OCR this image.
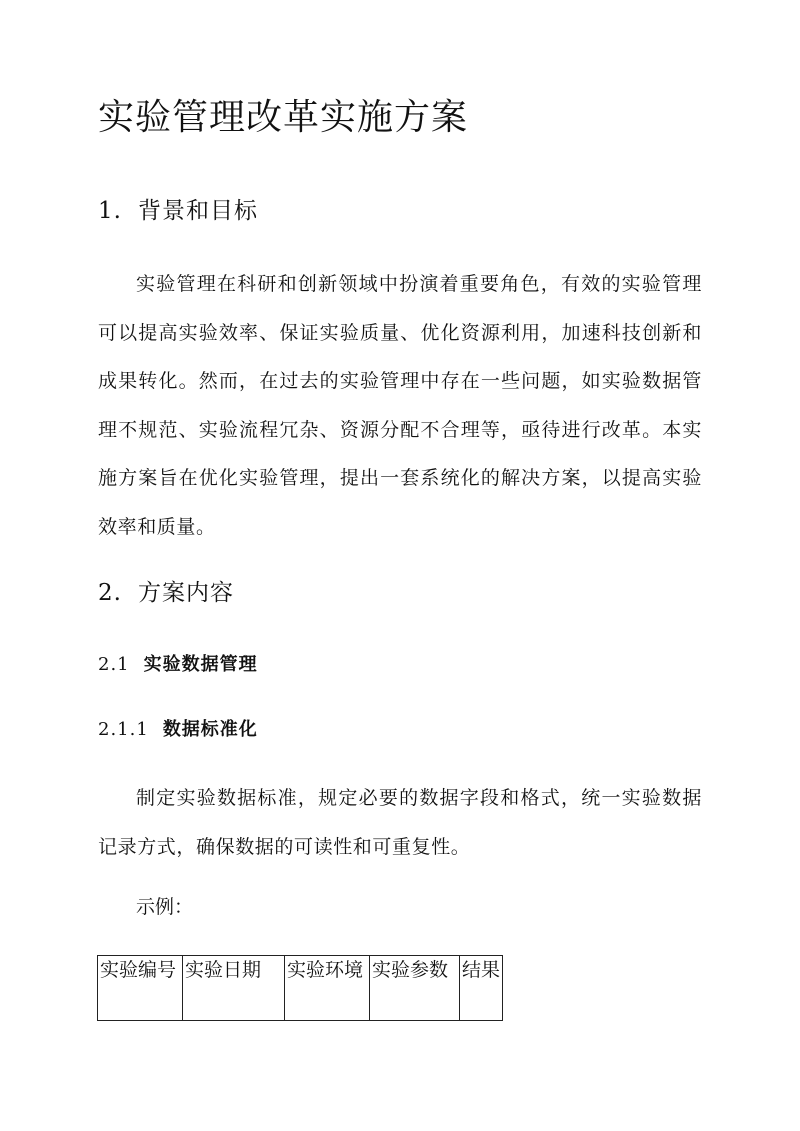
实验管理改革实施方案
1. 背景和目标

实验管理在科研和创新领域中扮演着重要角色，有效的实验管理可以提高实验效率、保证实验质量、优化资源利用，加速科技创新和成果转化。然而，在过去的实验管理中存在一些问题，如实验数据管理不规范、实验流程冗杂、资源分配不合理等，亟待进行改革。本实施方案旨在优化实验管理，提出一套系统化的解决方案，以提高实验效率和质量。

2. 方案内容
2.1 实验数据管理
2.1.1 数据标准化

制定实验数据标准，规定必要的数据字段和格式，统一实验数据记录方式，确保数据的可读性和可重复性。

示例：

实验编号	实验日期	实验环境	实验参数	结果
